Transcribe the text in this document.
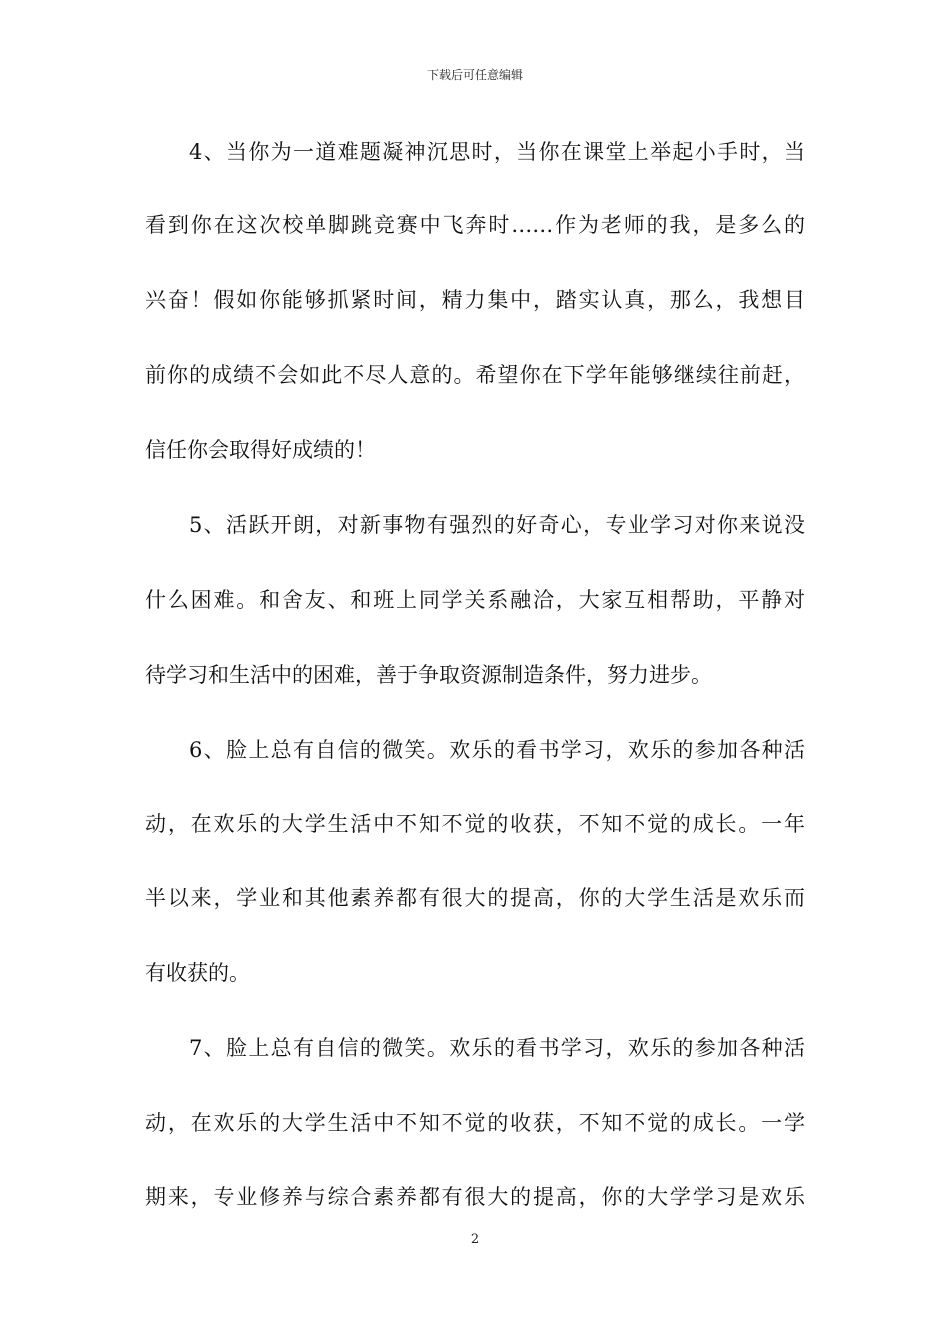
下载后可任意编辑
4、当你为一道难题凝神沉思时，当你在课堂上举起小手时，当
看到你在这次校单脚跳竞赛中飞奔时……作为老师的我，是多么的
兴奋！假如你能够抓紧时间，精力集中，踏实认真，那么，我想目
前你的成绩不会如此不尽人意的。希望你在下学年能够继续往前赶，
信任你会取得好成绩的！
5、活跃开朗，对新事物有强烈的好奇心，专业学习对你来说没
什么困难。和舍友、和班上同学关系融洽，大家互相帮助，平静对
待学习和生活中的困难，善于争取资源制造条件，努力进步。
6、脸上总有自信的微笑。欢乐的看书学习，欢乐的参加各种活
动，在欢乐的大学生活中不知不觉的收获，不知不觉的成长。一年
半以来，学业和其他素养都有很大的提高，你的大学生活是欢乐而
有收获的。
7、脸上总有自信的微笑。欢乐的看书学习，欢乐的参加各种活
动，在欢乐的大学生活中不知不觉的收获，不知不觉的成长。一学
期来，专业修养与综合素养都有很大的提高，你的大学学习是欢乐
2
